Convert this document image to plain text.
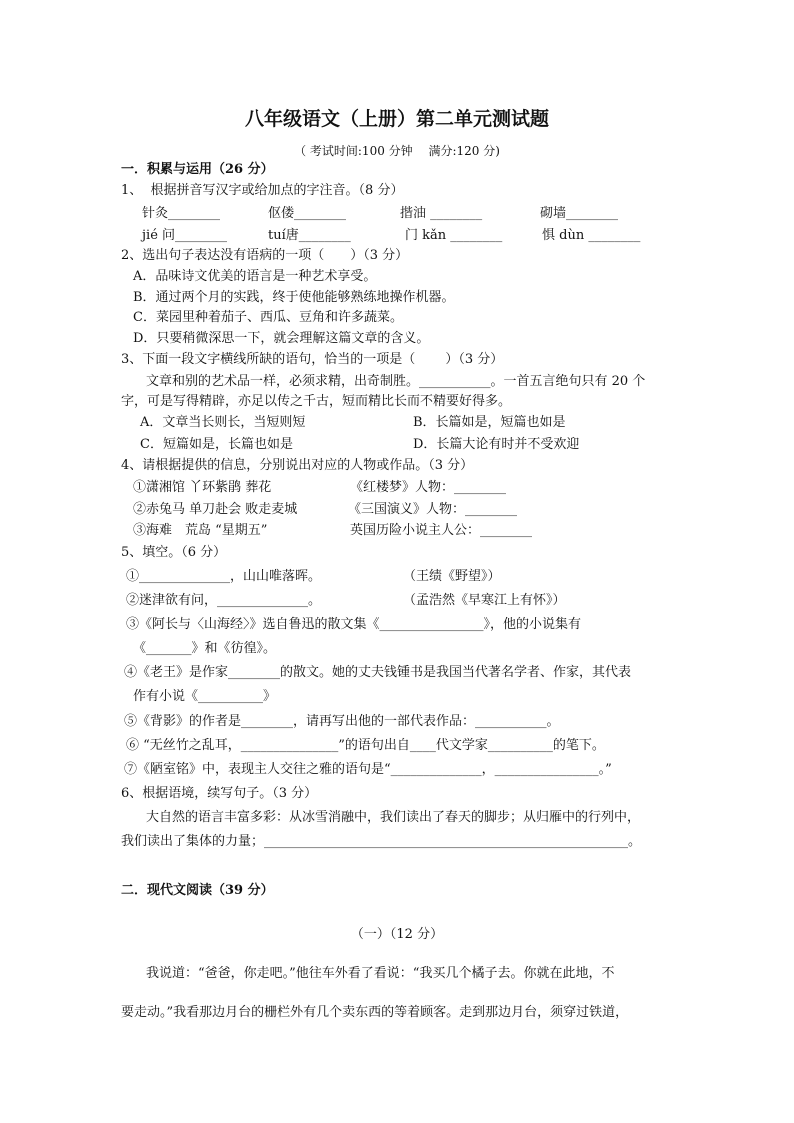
八年级语文（上册）第二单元测试题
（ 考试时间:100 分钟　 满分:120 分)
一．积累与运用（26 分）
1、  根据拼音写汉字或给加点的字注音。（8 分）
针灸________	伛偻________	揩油 ________	砌墙________
jié 问________	tuí唐________	门 kǎn ________	惧 dùn ________
2、选出句子表达没有语病的一项（　　）（3 分）
A．品味诗文优美的语言是一种艺术享受。
B．通过两个月的实践，终于使他能够熟练地操作机器。
C．菜园里种着茄子、西瓜、豆角和许多蔬菜。
D．只要稍微深思一下，就会理解这篇文章的含义。
3、下面一段文字横线所缺的语句，恰当的一项是（　　 ）（3 分）
文章和别的艺术品一样，必须求精，出奇制胜。___________。一首五言绝句只有 20 个
字，可是写得精辟，亦足以传之千古，短而精比长而不精要好得多。
A．文章当长则长，当短则短	B．长篇如是，短篇也如是
C．短篇如是，长篇也如是	D．长篇大论有时并不受欢迎
4、请根据提供的信息，分别说出对应的人物或作品。（3 分）
①潇湘馆 丫环紫鹃 葬花	《红楼梦》人物：________
②赤兔马 单刀赴会 败走麦城	《三国演义》人物：________
③海难　荒岛 “星期五”	英国历险小说主人公：________
5、填空。（6 分）
①______________，山山唯落晖。	（王绩《野望》）
②迷津欲有问，______________。	（孟浩然《早寒江上有怀》）
③《阿长与〈山海经〉》选自鲁迅的散文集《________________》，他的小说集有
《_______》和《彷徨》。
④《老王》是作家________的散文。她的丈夫钱锺书是我国当代著名学者、作家，其代表
作有小说《__________》
⑤《背影》的作者是________，请再写出他的一部代表作品：___________。
⑥ “无丝竹之乱耳，_______________”的语句出自____代文学家__________的笔下。
⑦《陋室铭》中，表现主人交往之雅的语句是“______________，________________。”
6、根据语境，续写句子。（3 分）
大自然的语言丰富多彩：从冰雪消融中，我们读出了春天的脚步；从归雁中的行列中，
我们读出了集体的力量；________________________________________________________。
二．现代文阅读（39 分）
（一）（12 分）
我说道：“爸爸，你走吧。”他往车外看了看说：“我买几个橘子去。你就在此地，不
要走动。”我看那边月台的栅栏外有几个卖东西的等着顾客。走到那边月台，须穿过铁道，
